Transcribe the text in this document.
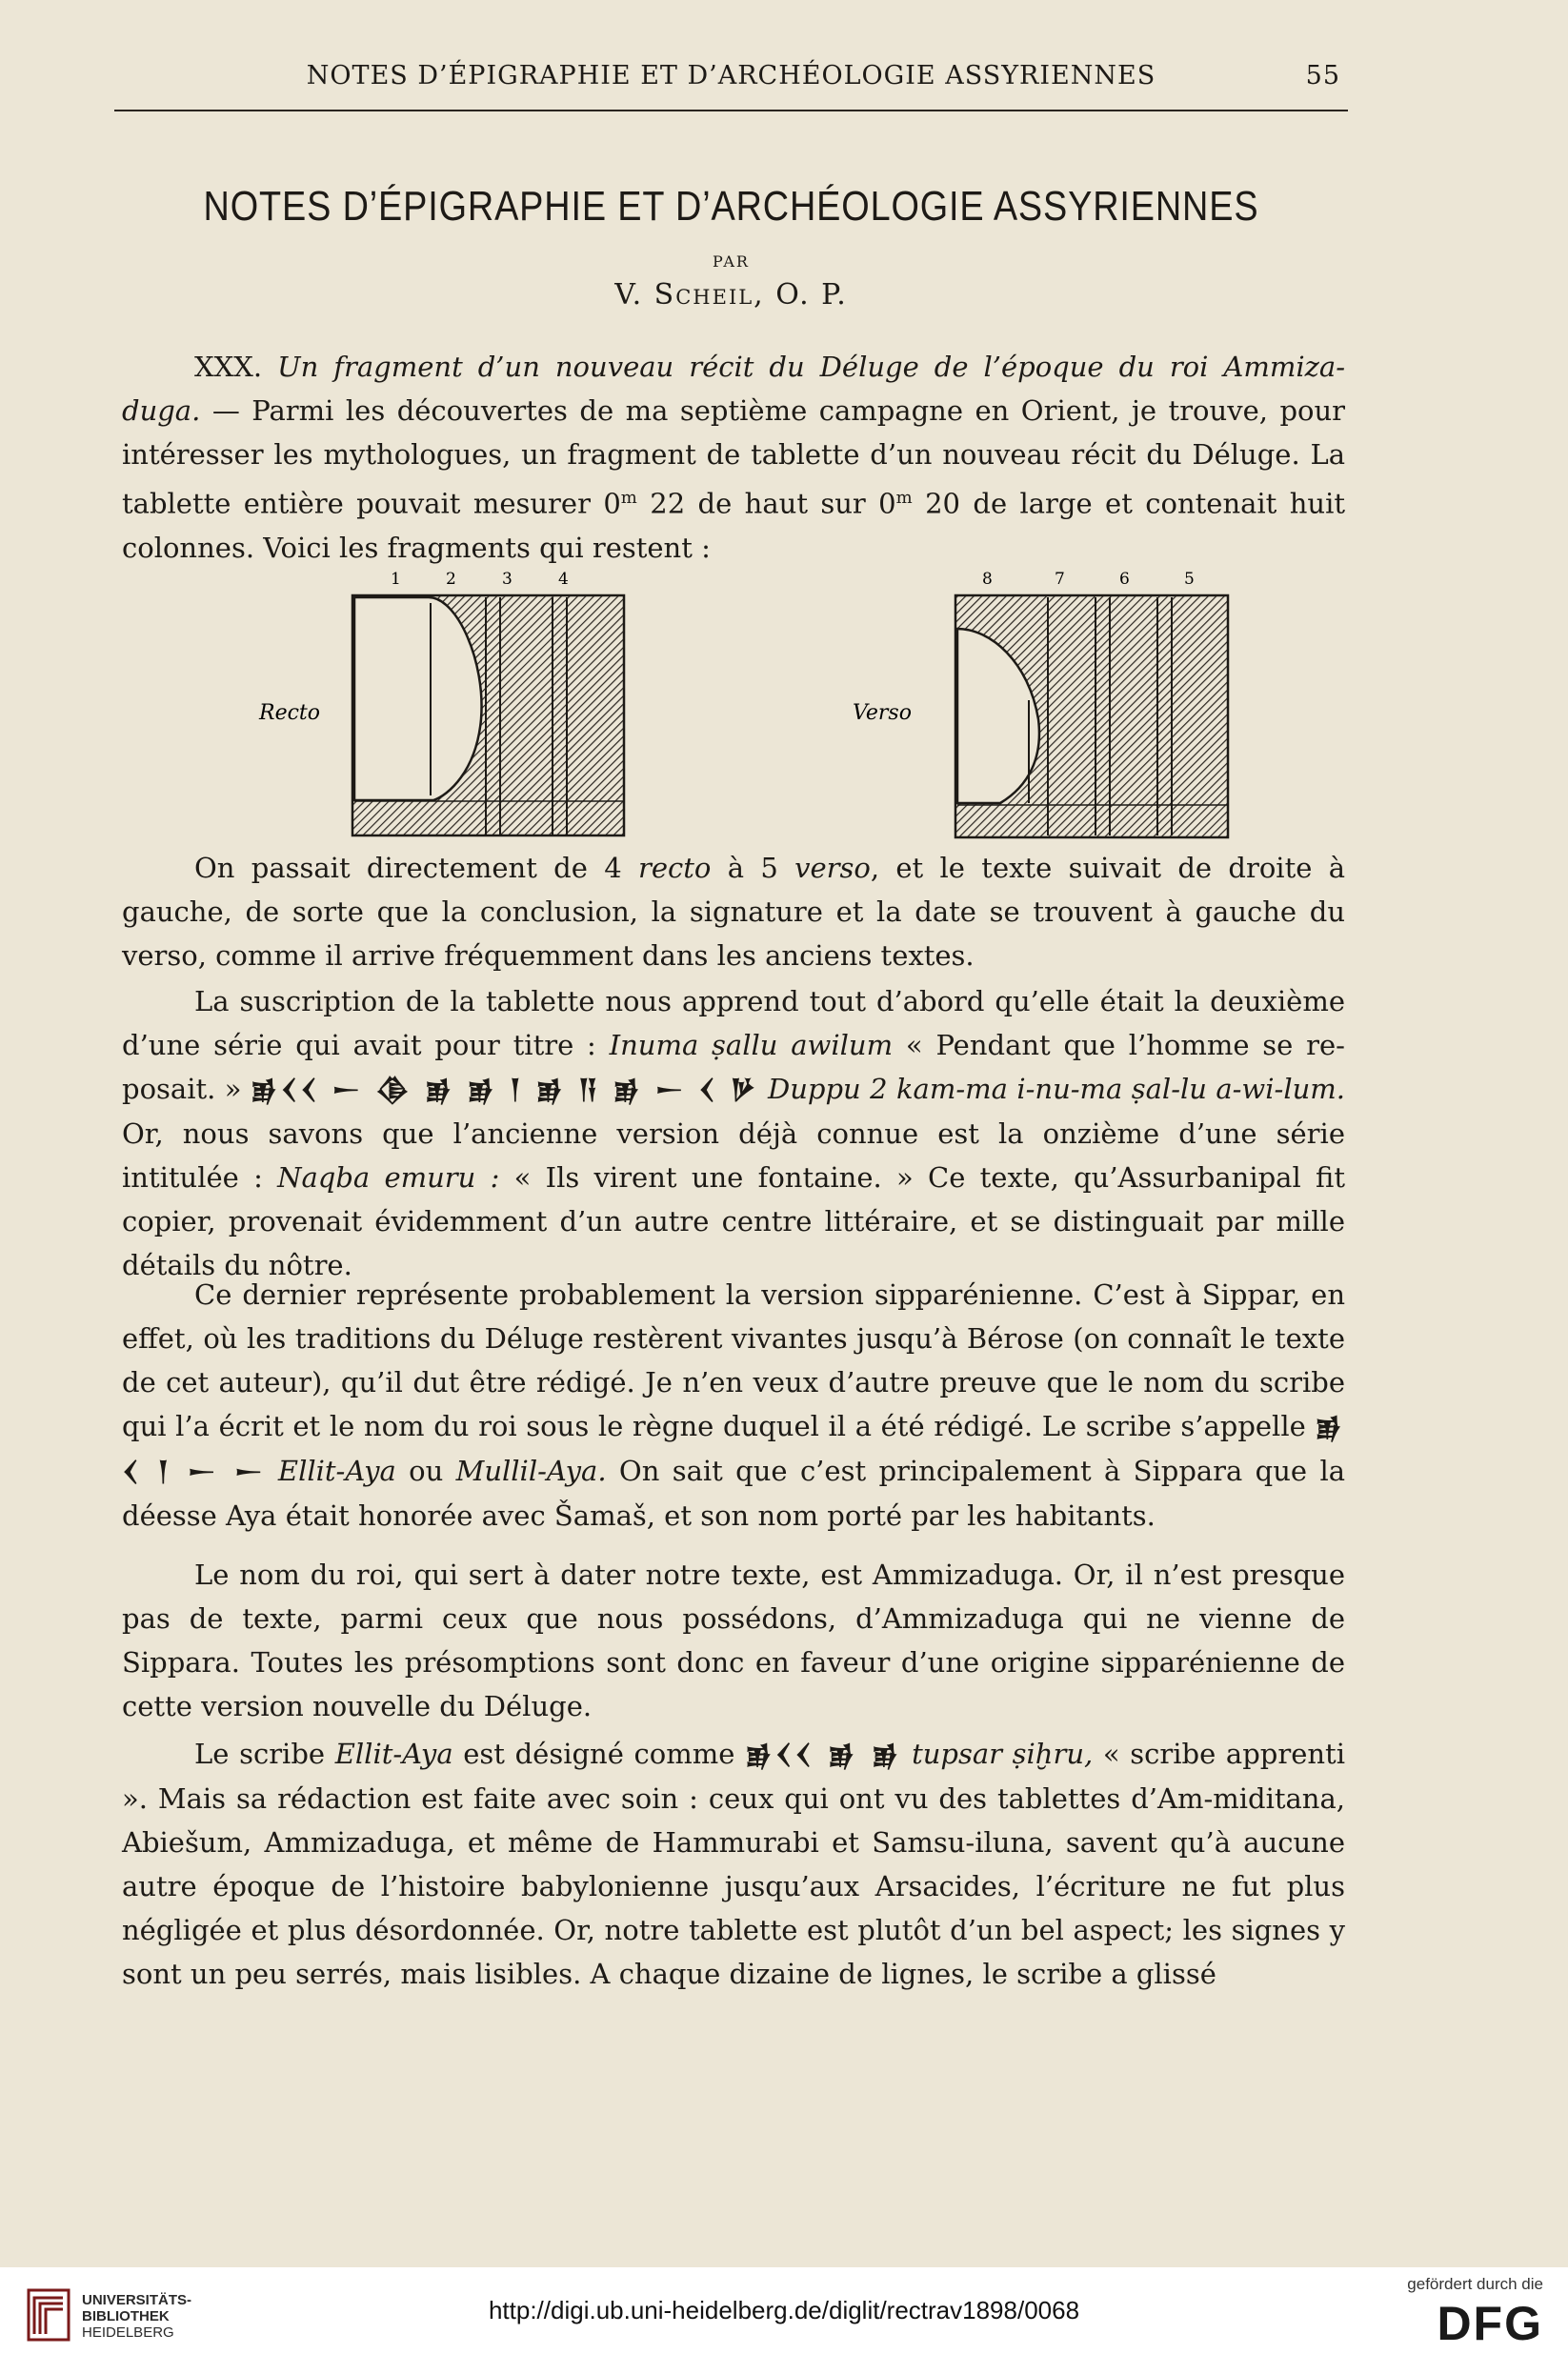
NOTES D’ÉPIGRAPHIE ET D’ARCHÉOLOGIE ASSYRIENNES	55
NOTES D’ÉPIGRAPHIE ET D’ARCHÉOLOGIE ASSYRIENNES
PAR
V. Scheil, O. P.

XXX. Un fragment d’un nouveau récit du Déluge de l’époque du roi Ammiza-duga. — Parmi les découvertes de ma septième campagne en Orient, je trouve, pour intéresser les mythologues, un fragment de tablette d’un nouveau récit du Déluge. La tablette entière pouvait mesurer 0$^m$ 22 de haut sur 0$^m$ 20 de large et contenait huit colonnes. Voici les fragments qui restent :

1	2	3	4
Recto
8	7	6	5
Verso

On passait directement de 4 recto à 5 verso, et le texte suivait de droite à gauche, de sorte que la conclusion, la signature et la date se trouvent à gauche du verso, comme il arrive fréquemment dans les anciens textes.

La suscription de la tablette nous apprend tout d’abord qu’elle était la deuxième d’une série qui avait pour titre : Inuma ṣallu awilum « Pendant que l’homme se re-posait. » 𒂊𒌋𒌋 𒀸 𒆠 𒂊 𒂊 𒁹 𒂊 𒀀 𒂊 𒀸 𒌋 𒃻 Duppu 2 kam-ma i-nu-ma ṣal-lu a-wi-lum. Or, nous savons que l’ancienne version déjà connue est la onzième d’une série intitulée : Naqba emuru : « Ils virent une fontaine. » Ce texte, qu’Assurbanipal fit copier, provenait évidemment d’un autre centre littéraire, et se distinguait par mille détails du nôtre.

Ce dernier représente probablement la version sipparénienne. C’est à Sippar, en effet, où les traditions du Déluge restèrent vivantes jusqu’à Bérose (on connaît le texte de cet auteur), qu’il dut être rédigé. Je n’en veux d’autre preuve que le nom du scribe qui l’a écrit et le nom du roi sous le règne duquel il a été rédigé. Le scribe s’appelle 𒂊 𒌋 𒁹 𒀸 𒀸 Ellit-Aya ou Mullil-Aya. On sait que c’est principalement à Sippara que la déesse Aya était honorée avec Šamaš, et son nom porté par les habitants.

Le nom du roi, qui sert à dater notre texte, est Ammizaduga. Or, il n’est presque pas de texte, parmi ceux que nous possédons, d’Ammizaduga qui ne vienne de Sippara. Toutes les présomptions sont donc en faveur d’une origine sipparénienne de cette version nouvelle du Déluge.

Le scribe Ellit-Aya est désigné comme 𒂊𒌋𒌋 𒂊 𒂊 tupsar ṣiḫru, « scribe apprenti ». Mais sa rédaction est faite avec soin : ceux qui ont vu des tablettes d’Am-miditana, Abiešum, Ammizaduga, et même de Hammurabi et Samsu-iluna, savent qu’à aucune autre époque de l’histoire babylonienne jusqu’aux Arsacides, l’écriture ne fut plus négligée et plus désordonnée. Or, notre tablette est plutôt d’un bel aspect; les signes y sont un peu serrés, mais lisibles. A chaque dizaine de lignes, le scribe a glissé

UNIVERSITÄTS-
BIBLIOTHEK
HEIDELBERG
http://digi.ub.uni-heidelberg.de/diglit/rectrav1898/0068
gefördert durch die
DFG
